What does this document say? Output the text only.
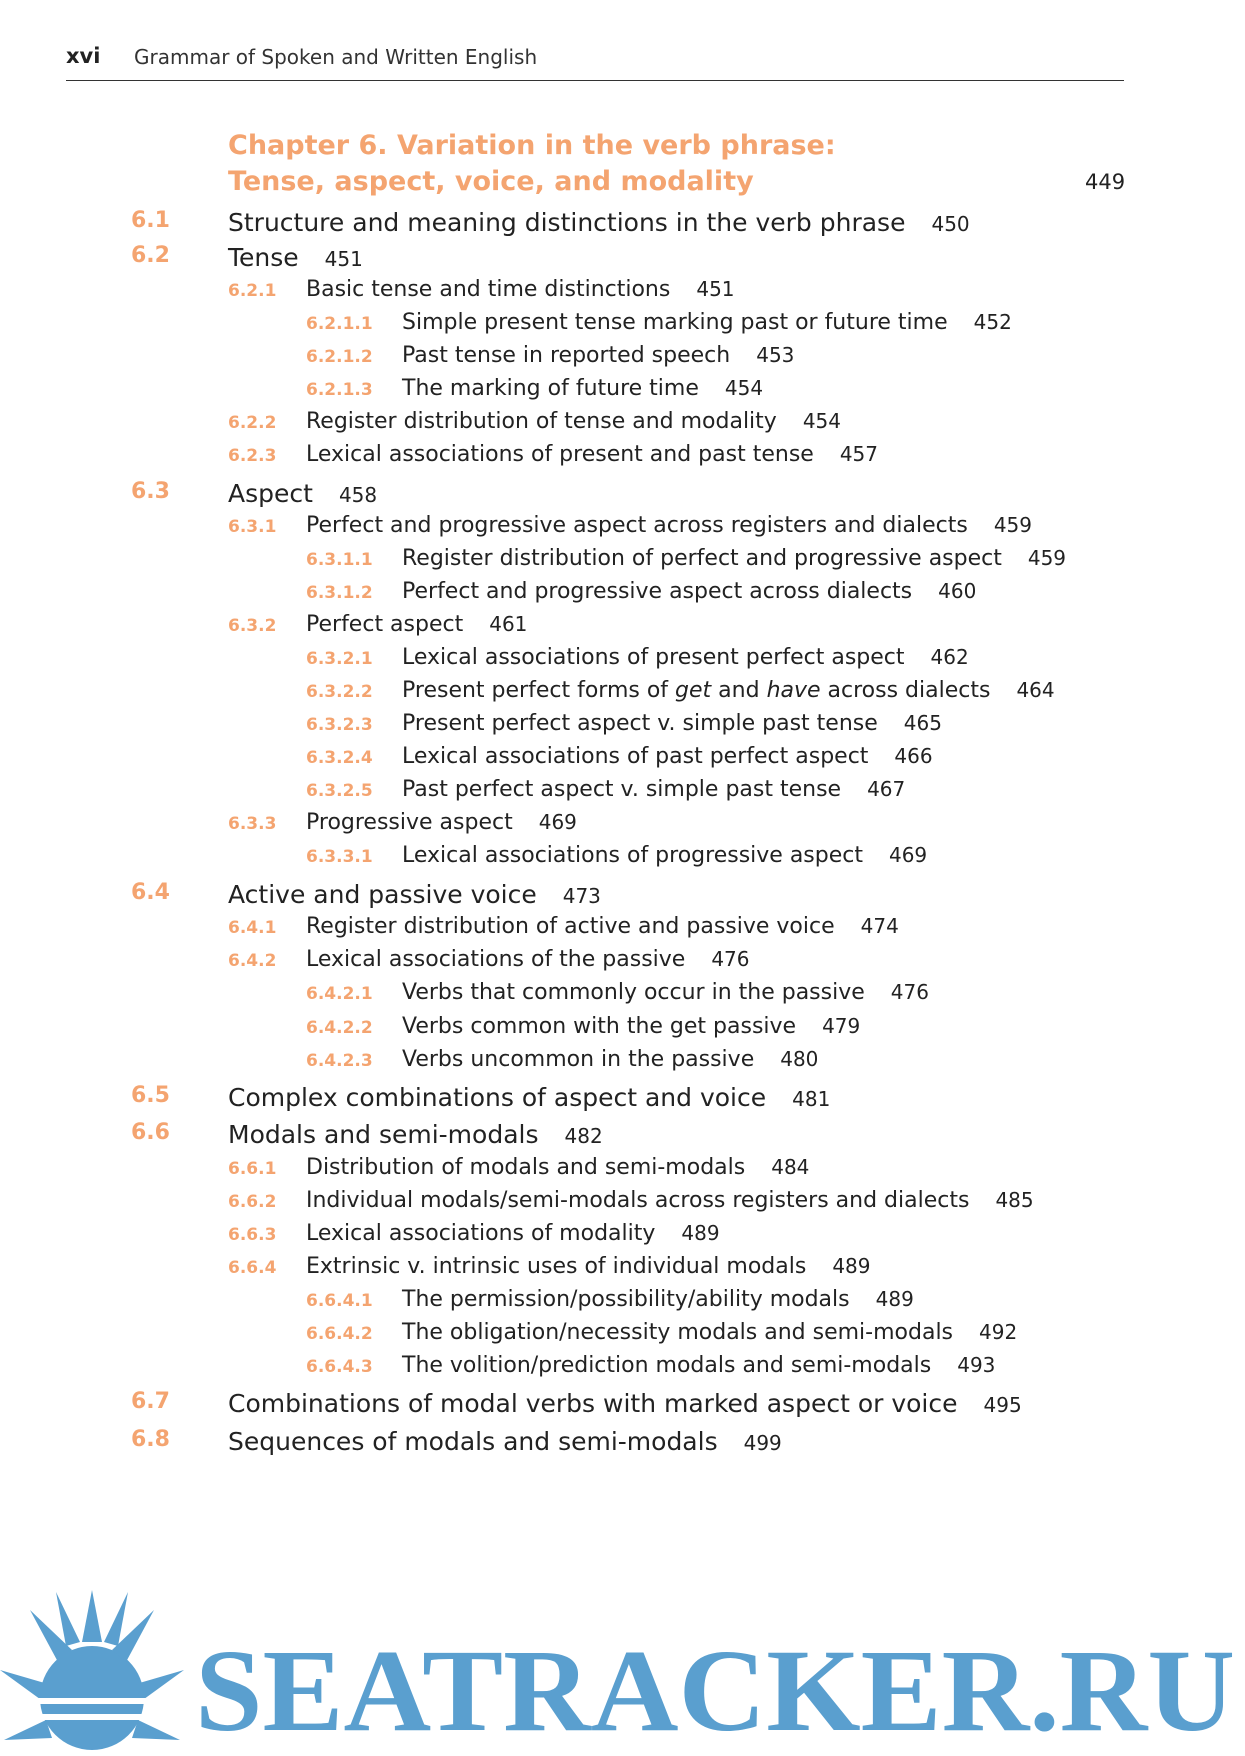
xvi Grammar of Spoken and Written English
Chapter 6. Variation in the verb phrase:
Tense, aspect, voice, and modality	449
6.1 Structure and meaning distinctions in the verb phrase 450
6.2 Tense 451
6.2.1 Basic tense and time distinctions 451
6.2.1.1 Simple present tense marking past or future time 452
6.2.1.2 Past tense in reported speech 453
6.2.1.3 The marking of future time 454
6.2.2 Register distribution of tense and modality 454
6.2.3 Lexical associations of present and past tense 457
6.3 Aspect 458
6.3.1 Perfect and progressive aspect across registers and dialects 459
6.3.1.1 Register distribution of perfect and progressive aspect 459
6.3.1.2 Perfect and progressive aspect across dialects 460
6.3.2 Perfect aspect 461
6.3.2.1 Lexical associations of present perfect aspect 462
6.3.2.2 Present perfect forms of get and have across dialects 464
6.3.2.3 Present perfect aspect v. simple past tense 465
6.3.2.4 Lexical associations of past perfect aspect 466
6.3.2.5 Past perfect aspect v. simple past tense 467
6.3.3 Progressive aspect 469
6.3.3.1 Lexical associations of progressive aspect 469
6.4 Active and passive voice 473
6.4.1 Register distribution of active and passive voice 474
6.4.2 Lexical associations of the passive 476
6.4.2.1 Verbs that commonly occur in the passive 476
6.4.2.2 Verbs common with the get passive 479
6.4.2.3 Verbs uncommon in the passive 480
6.5 Complex combinations of aspect and voice 481
6.6 Modals and semi-modals 482
6.6.1 Distribution of modals and semi-modals 484
6.6.2 Individual modals/semi-modals across registers and dialects 485
6.6.3 Lexical associations of modality 489
6.6.4 Extrinsic v. intrinsic uses of individual modals 489
6.6.4.1 The permission/possibility/ability modals 489
6.6.4.2 The obligation/necessity modals and semi-modals 492
6.6.4.3 The volition/prediction modals and semi-modals 493
6.7 Combinations of modal verbs with marked aspect or voice 495
6.8 Sequences of modals and semi-modals 499
SEATRACKER.RU
